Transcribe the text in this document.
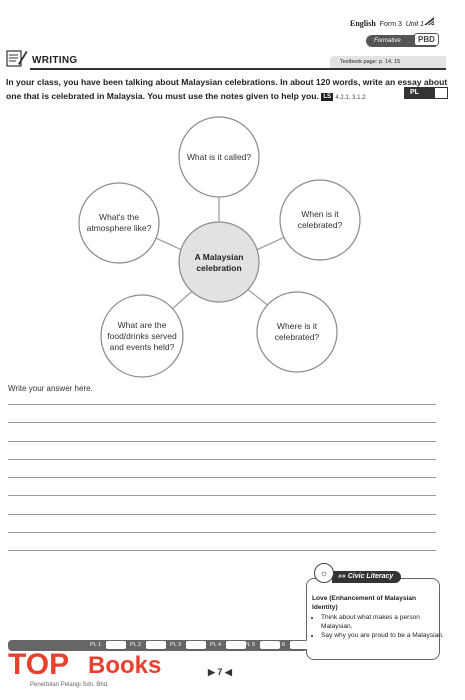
English Form 3 Unit 1
Formative	PBD
WRITING	Textbook page: p. 14, 15
In your class, you have been talking about Malaysian celebrations. In about 120 words, write an essay about one that is celebrated in Malaysia. You must use the notes given to help you. LS 4.2.1, 3.1.2
PL
What is it called?
When is it celebrated?
Where is it celebrated?
What are the food/drinks served and events held?
What's the atmosphere like?
A Malaysian celebration
Write your answer here.
»» Civic Literacy
☼
Love (Enhancement of Malaysian Identity)
• Think about what makes a person Malaysian.
• Say why you are proud to be a Malaysian.
PL 1	PL 2	PL 3	PL 4	PL 5	PL 6
TOP Books
Penerbitan Pelangi Sdn. Bhd.
▶ 7 ◀
